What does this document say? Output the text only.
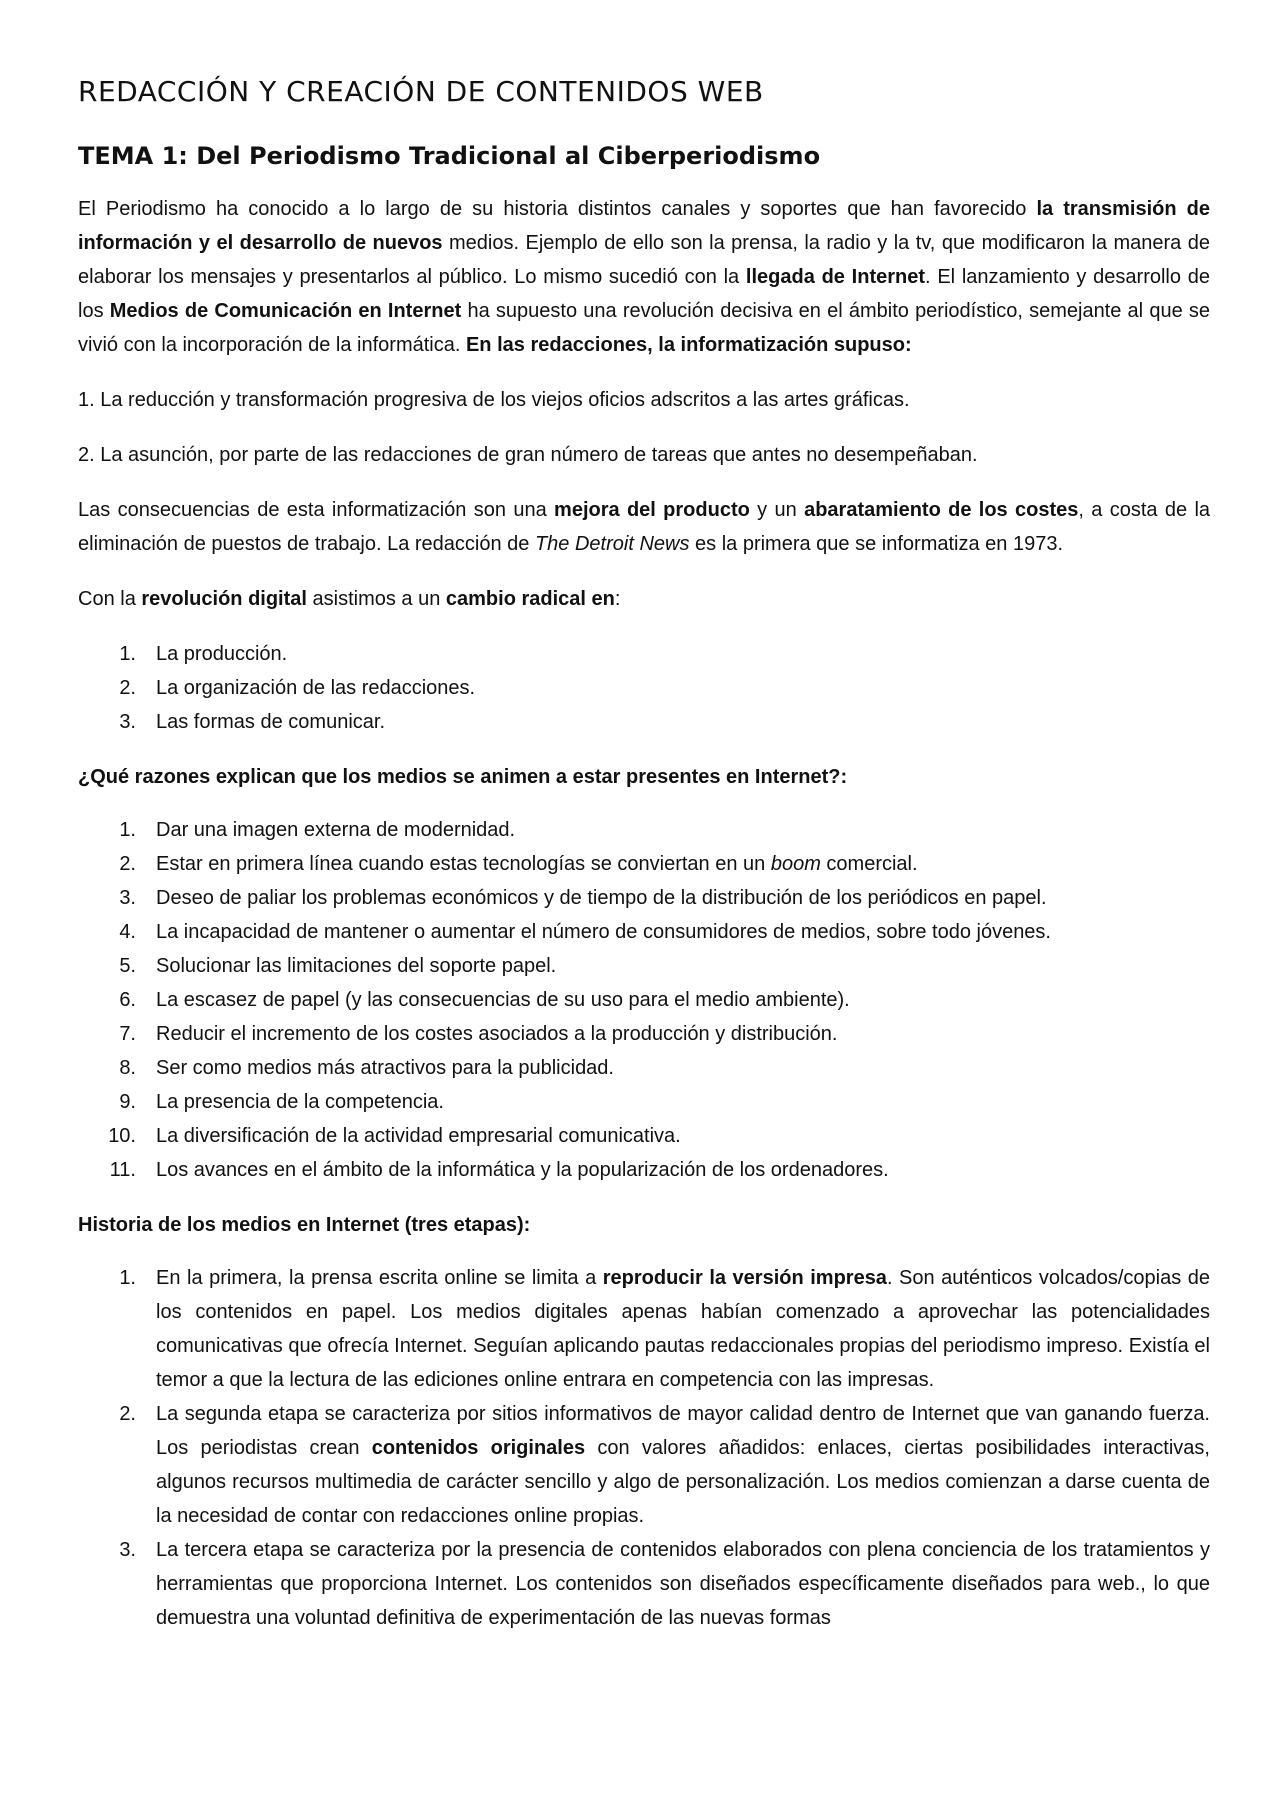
REDACCIÓN Y CREACIÓN DE CONTENIDOS WEB
TEMA 1: Del Periodismo Tradicional al Ciberperiodismo

El Periodismo ha conocido a lo largo de su historia distintos canales y soportes que han favorecido la transmisión de información y el desarrollo de nuevos medios. Ejemplo de ello son la prensa, la radio y la tv, que modificaron la manera de elaborar los mensajes y presentarlos al público. Lo mismo sucedió con la llegada de Internet. El lanzamiento y desarrollo de los Medios de Comunicación en Internet ha supuesto una revolución decisiva en el ámbito periodístico, semejante al que se vivió con la incorporación de la informática. En las redacciones, la informatización supuso:

1. La reducción y transformación progresiva de los viejos oficios adscritos a las artes gráficas.

2. La asunción, por parte de las redacciones de gran número de tareas que antes no desempeñaban.

Las consecuencias de esta informatización son una mejora del producto y un abaratamiento de los costes, a costa de la eliminación de puestos de trabajo. La redacción de The Detroit News es la primera que se informatiza en 1973.

Con la revolución digital asistimos a un cambio radical en:

1.	La producción.
2.	La organización de las redacciones.
3.	Las formas de comunicar.

¿Qué razones explican que los medios se animen a estar presentes en Internet?:

1.	Dar una imagen externa de modernidad.
2.	Estar en primera línea cuando estas tecnologías se conviertan en un boom comercial.
3.	Deseo de paliar los problemas económicos y de tiempo de la distribución de los periódicos en papel.
4.	La incapacidad de mantener o aumentar el número de consumidores de medios, sobre todo jóvenes.
5.	Solucionar las limitaciones del soporte papel.
6.	La escasez de papel (y las consecuencias de su uso para el medio ambiente).
7.	Reducir el incremento de los costes asociados a la producción y distribución.
8.	Ser como medios más atractivos para la publicidad.
9.	La presencia de la competencia.
10.	La diversificación de la actividad empresarial comunicativa.
11.	Los avances en el ámbito de la informática y la popularización de los ordenadores.

Historia de los medios en Internet (tres etapas):

1.	En la primera, la prensa escrita online se limita a reproducir la versión impresa. Son auténticos volcados/copias de los contenidos en papel. Los medios digitales apenas habían comenzado a aprovechar las potencialidades comunicativas que ofrecía Internet. Seguían aplicando pautas redaccionales propias del periodismo impreso. Existía el temor a que la lectura de las ediciones online entrara en competencia con las impresas.
2.	La segunda etapa se caracteriza por sitios informativos de mayor calidad dentro de Internet que van ganando fuerza. Los periodistas crean contenidos originales con valores añadidos: enlaces, ciertas posibilidades interactivas, algunos recursos multimedia de carácter sencillo y algo de personalización. Los medios comienzan a darse cuenta de la necesidad de contar con redacciones online propias.
3.	La tercera etapa se caracteriza por la presencia de contenidos elaborados con plena conciencia de los tratamientos y herramientas que proporciona Internet. Los contenidos son diseñados específicamente diseñados para web., lo que demuestra una voluntad definitiva de experimentación de las nuevas formas
